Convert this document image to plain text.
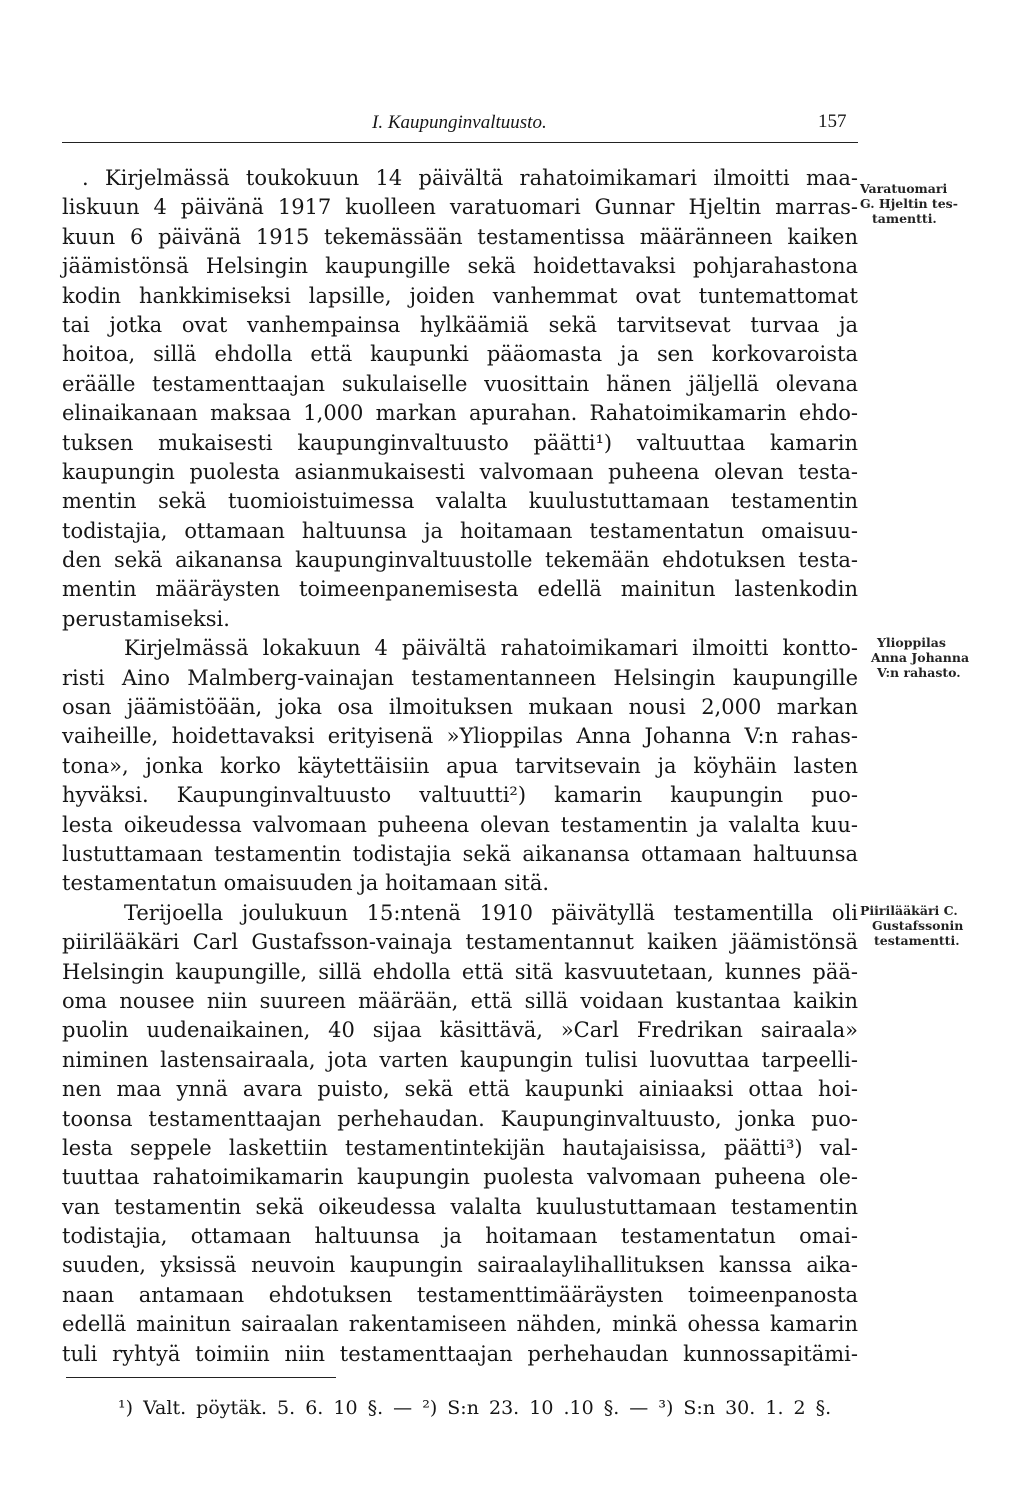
I. Kaupunginvaltuusto.	157
. Kirjelmässä toukokuun 14 päivältä rahatoimikamari ilmoitti maa-
liskuun 4 päivänä 1917 kuolleen varatuomari Gunnar Hjeltin marras-
kuun 6 päivänä 1915 tekemässään testamentissa määränneen kaiken
jäämistönsä Helsingin kaupungille sekä hoidettavaksi pohjarahastona
kodin hankkimiseksi lapsille, joiden vanhemmat ovat tuntemattomat
tai jotka ovat vanhempainsa hylkäämiä sekä tarvitsevat turvaa ja
hoitoa, sillä ehdolla että kaupunki pääomasta ja sen korkovaroista
eräälle testamenttaajan sukulaiselle vuosittain hänen jäljellä olevana
elinaikanaan maksaa 1,000 markan apurahan. Rahatoimikamarin ehdo-
tuksen mukaisesti kaupunginvaltuusto päätti¹) valtuuttaa kamarin
kaupungin puolesta asianmukaisesti valvomaan puheena olevan testa-
mentin sekä tuomioistuimessa valalta kuulustuttamaan testamentin
todistajia, ottamaan haltuunsa ja hoitamaan testamentatun omaisuu-
den sekä aikanansa kaupunginvaltuustolle tekemään ehdotuksen testa-
mentin määräysten toimeenpanemisesta edellä mainitun lastenkodin
perustamiseksi.
Kirjelmässä lokakuun 4 päivältä rahatoimikamari ilmoitti kontto-
risti Aino Malmberg-vainajan testamentanneen Helsingin kaupungille
osan jäämistöään, joka osa ilmoituksen mukaan nousi 2,000 markan
vaiheille, hoidettavaksi erityisenä »Ylioppilas Anna Johanna V:n rahas-
tona», jonka korko käytettäisiin apua tarvitsevain ja köyhäin lasten
hyväksi. Kaupunginvaltuusto valtuutti²) kamarin kaupungin puo-
lesta oikeudessa valvomaan puheena olevan testamentin ja valalta kuu-
lustuttamaan testamentin todistajia sekä aikanansa ottamaan haltuunsa
testamentatun omaisuuden ja hoitamaan sitä.
Terijoella joulukuun 15:ntenä 1910 päivätyllä testamentilla oli
piirilääkäri Carl Gustafsson-vainaja testamentannut kaiken jäämistönsä
Helsingin kaupungille, sillä ehdolla että sitä kasvuutetaan, kunnes pää-
oma nousee niin suureen määrään, että sillä voidaan kustantaa kaikin
puolin uudenaikainen, 40 sijaa käsittävä, »Carl Fredrikan sairaala»
niminen lastensairaala, jota varten kaupungin tulisi luovuttaa tarpeelli-
nen maa ynnä avara puisto, sekä että kaupunki ainiaaksi ottaa hoi-
toonsa testamenttaajan perhehaudan. Kaupunginvaltuusto, jonka puo-
lesta seppele laskettiin testamentintekijän hautajaisissa, päätti³) val-
tuuttaa rahatoimikamarin kaupungin puolesta valvomaan puheena ole-
van testamentin sekä oikeudessa valalta kuulustuttamaan testamentin
todistajia, ottamaan haltuunsa ja hoitamaan testamentatun omai-
suuden, yksissä neuvoin kaupungin sairaalaylihallituksen kanssa aika-
naan antamaan ehdotuksen testamenttimääräysten toimeenpanosta
edellä mainitun sairaalan rakentamiseen nähden, minkä ohessa kamarin
tuli ryhtyä toimiin niin testamenttaajan perhehaudan kunnossapitämi-
Varatuomari
G. Hjeltin tes-
tamentti.
Ylioppilas
Anna Johanna
V:n rahasto.
Piirilääkäri C.
Gustafssonin
testamentti.
¹) Valt. pöytäk. 5. 6. 10 §. — ²) S:n 23. 10 .10 §. — ³) S:n 30. 1. 2 §.
